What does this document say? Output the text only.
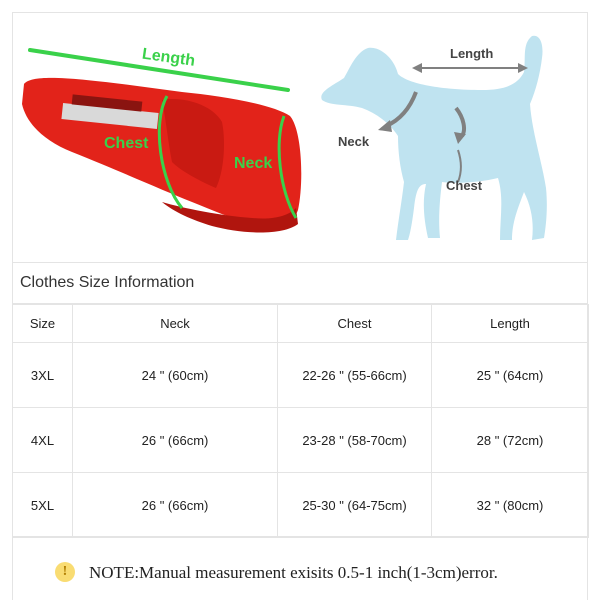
Length
Chest
Neck
Length
Neck
Chest
Clothes Size Information
Size	Neck	Chest	Length
3XL	24 " (60cm)	22-26 " (55-66cm)	25 " (64cm)
4XL	26 " (66cm)	23-28 " (58-70cm)	28 " (72cm)
5XL	26 " (66cm)	25-30 " (64-75cm)	32 " (80cm)
!	NOTE:Manual measurement exisits 0.5-1 inch(1-3cm)error.
